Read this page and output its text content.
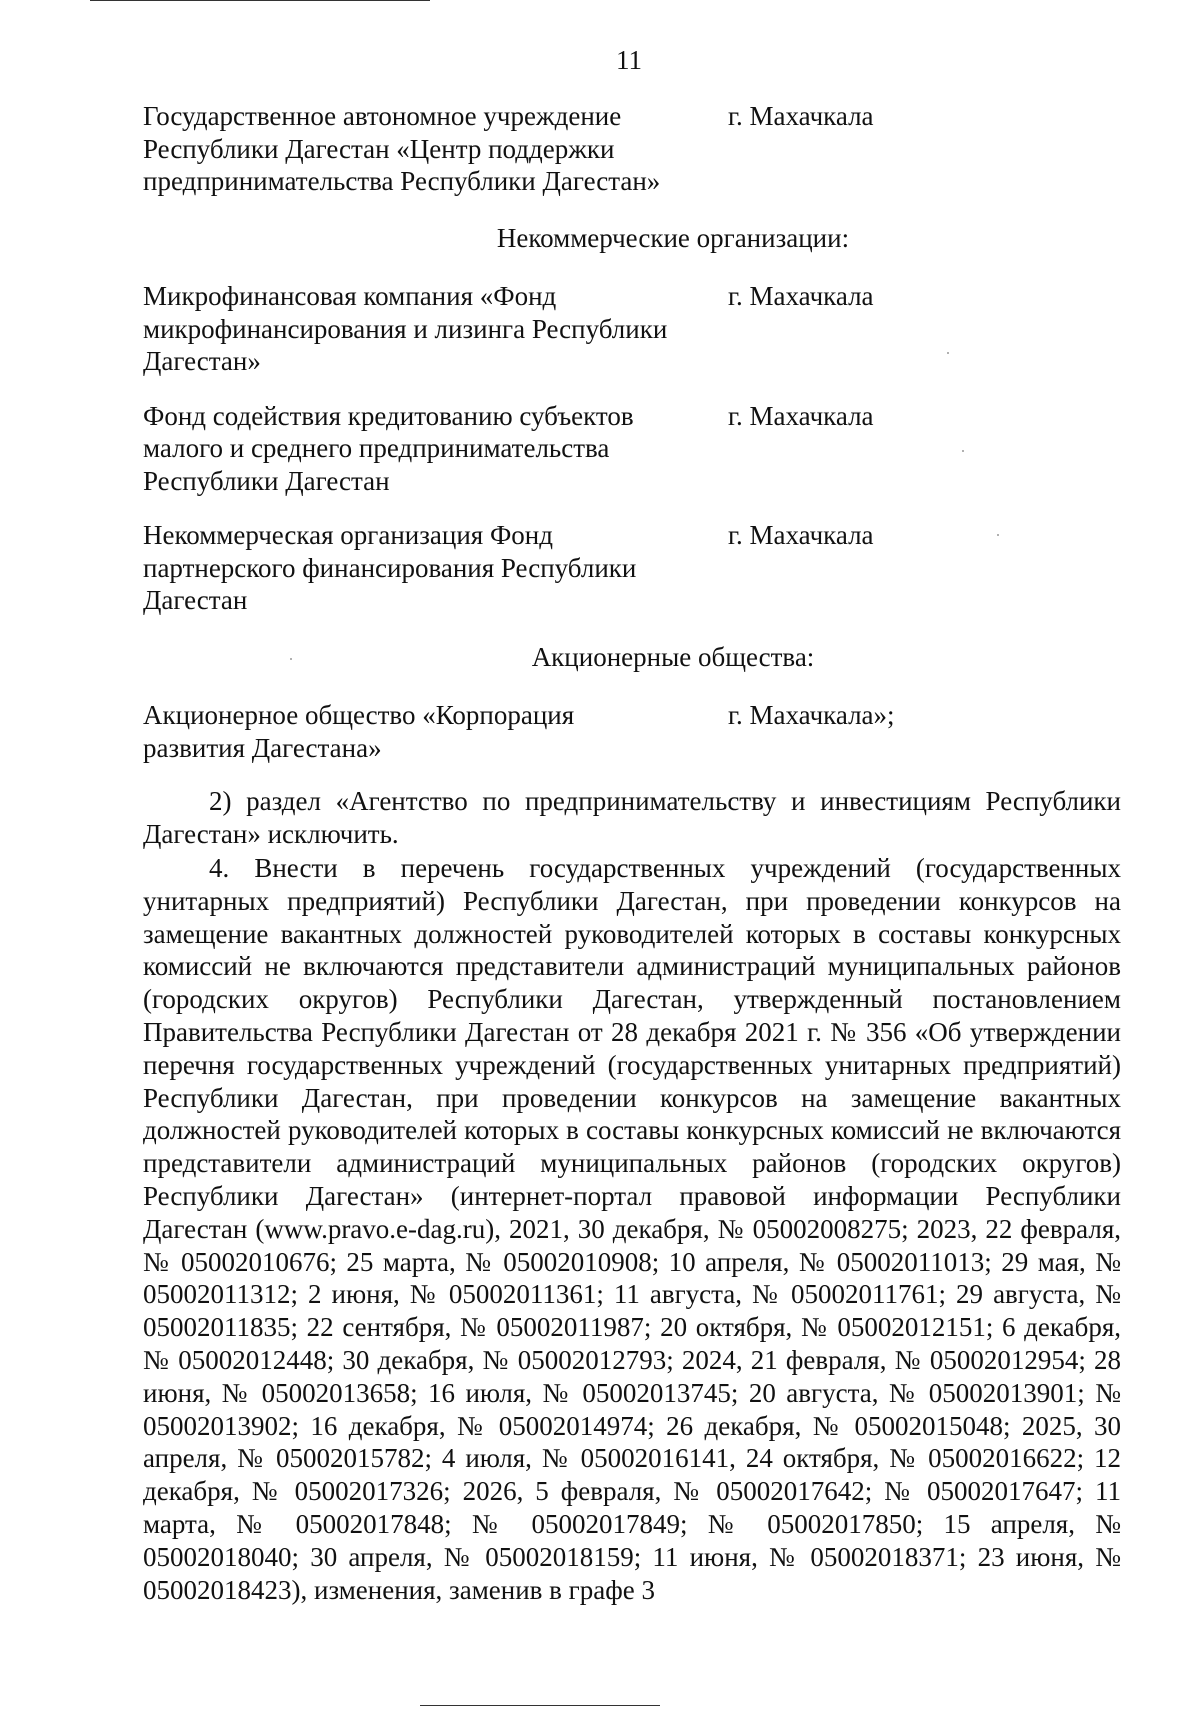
11
Государственное автономное учреждение
Республики Дагестан «Центр поддержки
предпринимательства Республики Дагестан»
г. Махачкала
Некоммерческие организации:
Микрофинансовая компания «Фонд
микрофинансирования и лизинга Республики
Дагестан»
г. Махачкала
Фонд содействия кредитованию субъектов
малого и среднего предпринимательства
Республики Дагестан
г. Махачкала
Некоммерческая организация Фонд
партнерского финансирования Республики
Дагестан
г. Махачкала
Акционерные общества:
Акционерное общество «Корпорация
развития Дагестана»
г. Махачкала»;

2) раздел «Агентство по предпринимательству и инвестициям Республики Дагестан» исключить.

4. Внести в перечень государственных учреждений (государственных унитарных предприятий) Республики Дагестан, при проведении конкурсов на замещение вакантных должностей руководителей которых в составы конкурсных комиссий не включаются представители администраций муниципальных районов (городских округов) Республики Дагестан, утвержденный постановлением Правительства Республики Дагестан от 28 декабря 2021 г. № 356 «Об утверждении перечня государственных учреждений (государственных унитарных предприятий) Республики Дагестан, при проведении конкурсов на замещение вакантных должностей руководителей которых в составы конкурсных комиссий не включаются представители администраций муниципальных районов (городских округов) Республики Дагестан» (интернет-портал правовой информации Республики Дагестан (www.pravo.e-dag.ru), 2021, 30 декабря, № 05002008275; 2023, 22 февраля, № 05002010676; 25 марта, № 05002010908; 10 апреля, № 05002011013; 29 мая, № 05002011312; 2 июня, № 05002011361; 11 августа, № 05002011761; 29 августа, № 05002011835; 22 сентября, № 05002011987; 20 октября, № 05002012151; 6 декабря, № 05002012448; 30 декабря, № 05002012793; 2024, 21 февраля, № 05002012954; 28 июня, № 05002013658; 16 июля, № 05002013745; 20 августа, № 05002013901; № 05002013902; 16 декабря, № 05002014974; 26 декабря, № 05002015048; 2025, 30 апреля, № 05002015782; 4 июля, № 05002016141, 24 октября, № 05002016622; 12 декабря, № 05002017326; 2026, 5 февраля, № 05002017642; № 05002017647; 11 марта, № 05002017848; № 05002017849; № 05002017850; 15 апреля, № 05002018040; 30 апреля, № 05002018159; 11 июня, № 05002018371; 23 июня, № 05002018423), изменения, заменив в графе 3
